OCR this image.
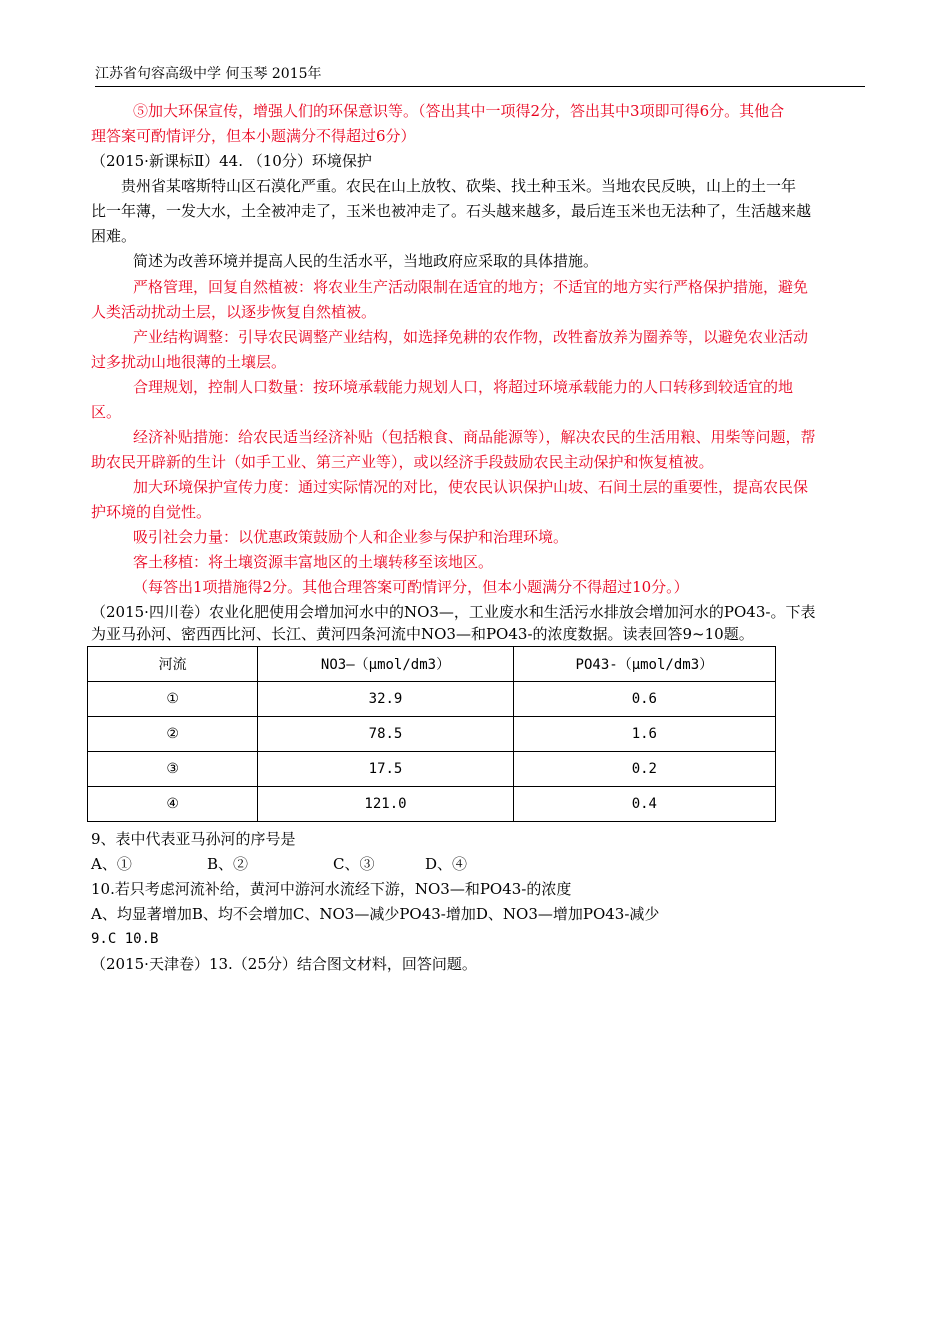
江苏省句容高级中学 何玉琴 2015年
⑤加大环保宣传，增强人们的环保意识等。（答出其中一项得2分，答出其中3项即可得6分。其他合
理答案可酌情评分，但本小题满分不得超过6分）
（2015·新课标Ⅱ）44. （10分）环境保护
贵州省某喀斯特山区石漠化严重。农民在山上放牧、砍柴、找土种玉米。当地农民反映，山上的土一年
比一年薄，一发大水，土全被冲走了，玉米也被冲走了。石头越来越多，最后连玉米也无法种了，生活越来越
困难。
简述为改善环境并提高人民的生活水平，当地政府应采取的具体措施。
严格管理，回复自然植被：将农业生产活动限制在适宜的地方；不适宜的地方实行严格保护措施，避免
人类活动扰动土层，以逐步恢复自然植被。
产业结构调整：引导农民调整产业结构，如选择免耕的农作物，改牲畜放养为圈养等，以避免农业活动
过多扰动山地很薄的土壤层。
合理规划，控制人口数量：按环境承载能力规划人口，将超过环境承载能力的人口转移到较适宜的地
区。
经济补贴措施：给农民适当经济补贴（包括粮食、商品能源等），解决农民的生活用粮、用柴等问题，帮
助农民开辟新的生计（如手工业、第三产业等），或以经济手段鼓励农民主动保护和恢复植被。
加大环境保护宣传力度：通过实际情况的对比，使农民认识保护山坡、石间土层的重要性，提高农民保
护环境的自觉性。
吸引社会力量：以优惠政策鼓励个人和企业参与保护和治理环境。
客土移植：将土壤资源丰富地区的土壤转移至该地区。
（每答出1项措施得2分。其他合理答案可酌情评分，但本小题满分不得超过10分。）
（2015·四川卷）农业化肥使用会增加河水中的NO3—，工业废水和生活污水排放会增加河水的PO43-。下表
为亚马孙河、密西西比河、长江、黄河四条河流中NO3—和PO43-的浓度数据。读表回答9~10题。
河流	NO3—（μmol/dm3）	PO43-（μmol/dm3）
①	32.9	0.6
②	78.5	1.6
③	17.5	0.2
④	121.0	0.4
9、表中代表亚马孙河的序号是
A、①	B、②	C、③	D、④
10.若只考虑河流补给，黄河中游河水流经下游，NO3—和PO43-的浓度
A、均显著增加B、均不会增加C、NO3—减少PO43-增加D、NO3—增加PO43-减少
9.C 10.B
（2015·天津卷）13.（25分）结合图文材料，回答问题。
